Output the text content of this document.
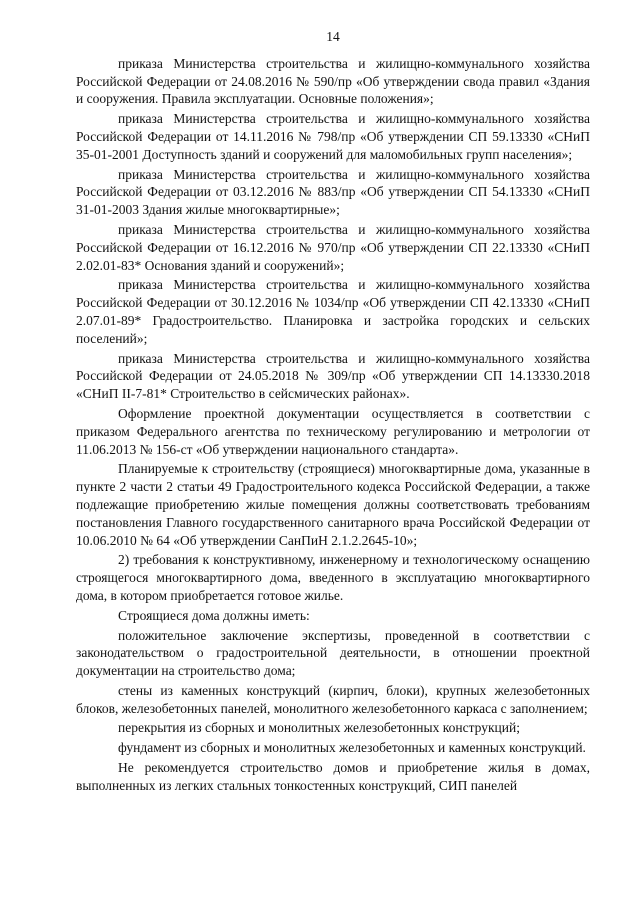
14

приказа Министерства строительства и жилищно-коммунального хозяйства Российской Федерации от 24.08.2016 № 590/пр «Об утверждении свода правил «Здания и сооружения. Правила эксплуатации. Основные положения»;

приказа Министерства строительства и жилищно-коммунального хозяйства Российской Федерации от 14.11.2016 № 798/пр «Об утверждении СП 59.13330 «СНиП 35-01-2001 Доступность зданий и сооружений для маломобильных групп населения»;

приказа Министерства строительства и жилищно-коммунального хозяйства Российской Федерации от 03.12.2016 № 883/пр «Об утверждении СП 54.13330 «СНиП 31-01-2003 Здания жилые многоквартирные»;

приказа Министерства строительства и жилищно-коммунального хозяйства Российской Федерации от 16.12.2016 № 970/пр «Об утверждении СП 22.13330 «СНиП 2.02.01-83* Основания зданий и сооружений»;

приказа Министерства строительства и жилищно-коммунального хозяйства Российской Федерации от 30.12.2016 № 1034/пр «Об утверждении СП 42.13330 «СНиП 2.07.01-89* Градостроительство. Планировка и застройка городских и сельских поселений»;

приказа Министерства строительства и жилищно-коммунального хозяйства Российской Федерации от 24.05.2018 № 309/пр «Об утверждении СП 14.13330.2018 «СНиП II-7-81* Строительство в сейсмических районах».

Оформление проектной документации осуществляется в соответствии с приказом Федерального агентства по техническому регулированию и метрологии от 11.06.2013 № 156-ст «Об утверждении национального стандарта».

Планируемые к строительству (строящиеся) многоквартирные дома, указанные в пункте 2 части 2 статьи 49 Градостроительного кодекса Российской Федерации, а также подлежащие приобретению жилые помещения должны соответствовать требованиям постановления Главного государственного санитарного врача Российской Федерации от 10.06.2010 № 64 «Об утверждении СанПиН 2.1.2.2645-10»;

2) требования к конструктивному, инженерному и технологическому оснащению строящегося многоквартирного дома, введенного в эксплуатацию многоквартирного дома, в котором приобретается готовое жилье.

Строящиеся дома должны иметь:

положительное заключение экспертизы, проведенной в соответствии с законодательством о градостроительной деятельности, в отношении проектной документации на строительство дома;

стены из каменных конструкций (кирпич, блоки), крупных железобетонных блоков, железобетонных панелей, монолитного железобетонного каркаса с заполнением;

перекрытия из сборных и монолитных железобетонных конструкций;

фундамент из сборных и монолитных железобетонных и каменных конструкций.

Не рекомендуется строительство домов и приобретение жилья в домах, выполненных из легких стальных тонкостенных конструкций, СИП панелей
